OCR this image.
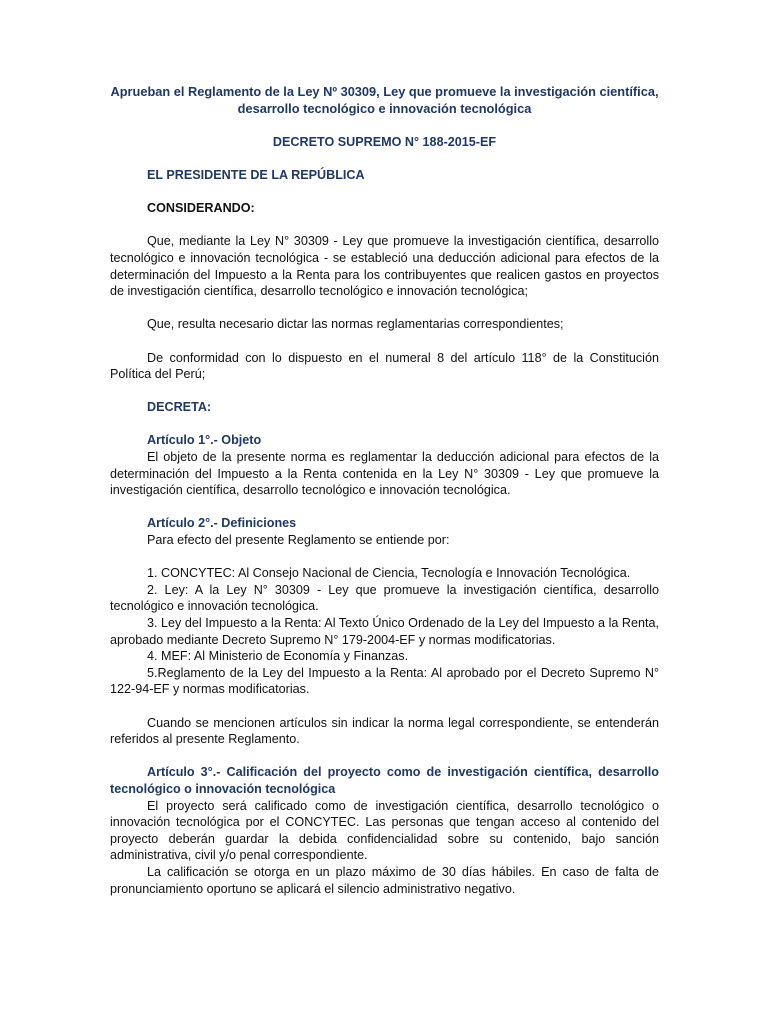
Aprueban el Reglamento de la Ley Nº 30309, Ley que promueve la investigación científica,

desarrollo tecnológico e innovación tecnológica

DECRETO SUPREMO N° 188-2015-EF

EL PRESIDENTE DE LA REPÚBLICA

CONSIDERANDO:

Que, mediante la Ley N° 30309 - Ley que promueve la investigación científica, desarrollo tecnológico e innovación tecnológica - se estableció una deducción adicional para efectos de la determinación del Impuesto a la Renta para los contribuyentes que realicen gastos en proyectos de investigación científica, desarrollo tecnológico e innovación tecnológica;

Que, resulta necesario dictar las normas reglamentarias correspondientes;

De conformidad con lo dispuesto en el numeral 8 del artículo 118° de la Constitución Política del Perú;

DECRETA:

Artículo 1°.- Objeto

El objeto de la presente norma es reglamentar la deducción adicional para efectos de la determinación del Impuesto a la Renta contenida en la Ley N° 30309 - Ley que promueve la investigación científica, desarrollo tecnológico e innovación tecnológica.

Artículo 2°.- Definiciones

Para efecto del presente Reglamento se entiende por:

1. CONCYTEC: Al Consejo Nacional de Ciencia, Tecnología e Innovación Tecnológica.

2. Ley: A la Ley N° 30309 - Ley que promueve la investigación científica, desarrollo tecnológico e innovación tecnológica.

3. Ley del Impuesto a la Renta: Al Texto Único Ordenado de la Ley del Impuesto a la Renta, aprobado mediante Decreto Supremo N° 179-2004-EF y normas modificatorias.

4. MEF: Al Ministerio de Economía y Finanzas.

5.Reglamento de la Ley del Impuesto a la Renta: Al aprobado por el Decreto Supremo N° 122-94-EF y normas modificatorias.

Cuando se mencionen artículos sin indicar la norma legal correspondiente, se entenderán referidos al presente Reglamento.

Artículo 3°.- Calificación del proyecto como de investigación científica, desarrollo tecnológico o innovación tecnológica

El proyecto será calificado como de investigación científica, desarrollo tecnológico o innovación tecnológica por el CONCYTEC. Las personas que tengan acceso al contenido del proyecto deberán guardar la debida confidencialidad sobre su contenido, bajo sanción administrativa, civil y/o penal correspondiente.

La calificación se otorga en un plazo máximo de 30 días hábiles. En caso de falta de pronunciamiento oportuno se aplicará el silencio administrativo negativo.
